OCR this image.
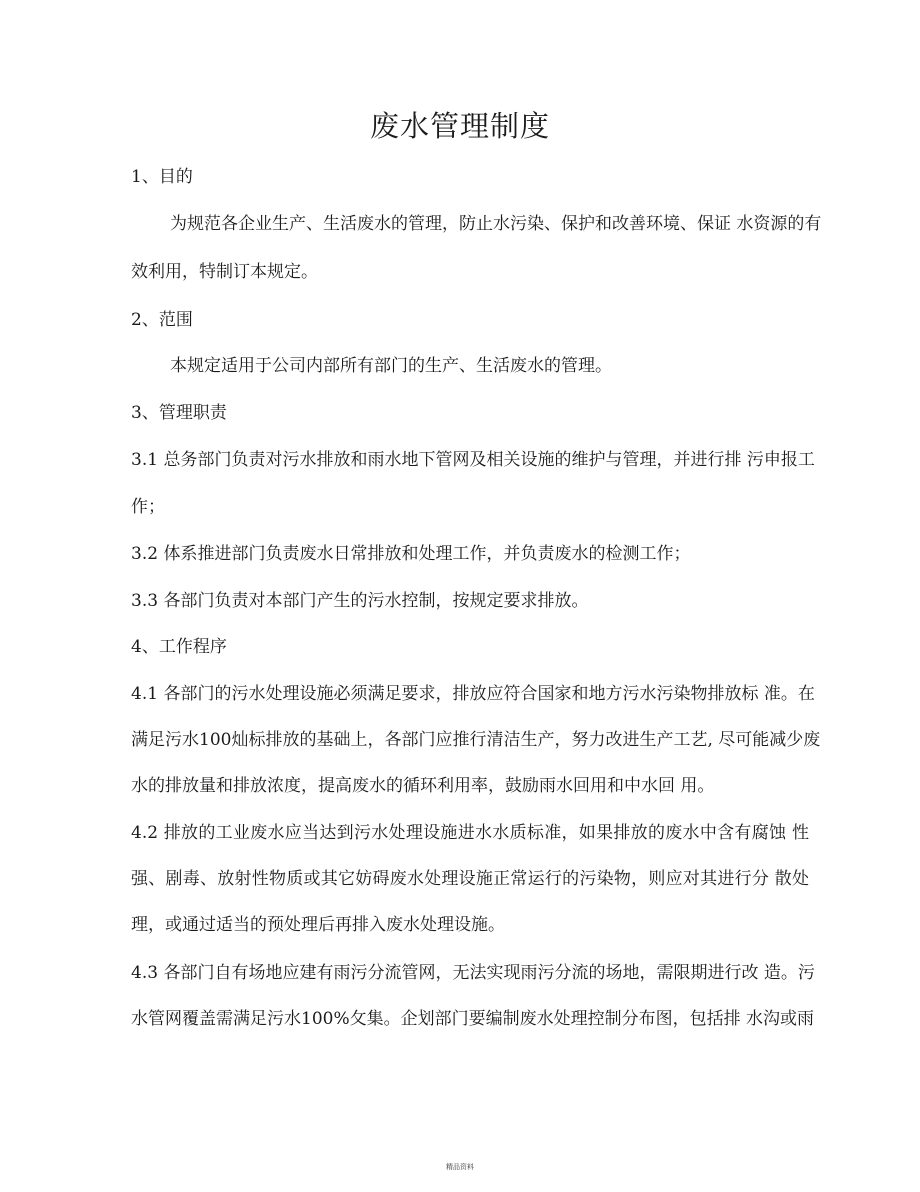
废水管理制度
1、目的
为规范各企业生产、生活废水的管理，防止水污染、保护和改善环境、保证 水资源的有
效利用，特制订本规定。
2、范围
本规定适用于公司内部所有部门的生产、生活废水的管理。
3、管理职责
3.1 总务部门负责对污水排放和雨水地下管网及相关设施的维护与管理，并进行排 污申报工
作；
3.2 体系推进部门负责废水日常排放和处理工作，并负责废水的检测工作；
3.3 各部门负责对本部门产生的污水控制，按规定要求排放。
4、工作程序
4.1 各部门的污水处理设施必须满足要求，排放应符合国家和地方污水污染物排放标 准。在
满足污水100灿标排放的基础上，各部门应推行清洁生产，努力改进生产工艺, 尽可能减少废
水的排放量和排放浓度，提高废水的循环利用率，鼓励雨水回用和中水回 用。
4.2 排放的工业废水应当达到污水处理设施进水水质标准，如果排放的废水中含有腐蚀 性
强、剧毒、放射性物质或其它妨碍废水处理设施正常运行的污染物，则应对其进行分 散处
理，或通过适当的预处理后再排入废水处理设施。
4.3 各部门自有场地应建有雨污分流管网，无法实现雨污分流的场地，需限期进行改 造。污
水管网覆盖需满足污水100%攵集。企划部门要编制废水处理控制分布图，包括排 水沟或雨
精品资料
